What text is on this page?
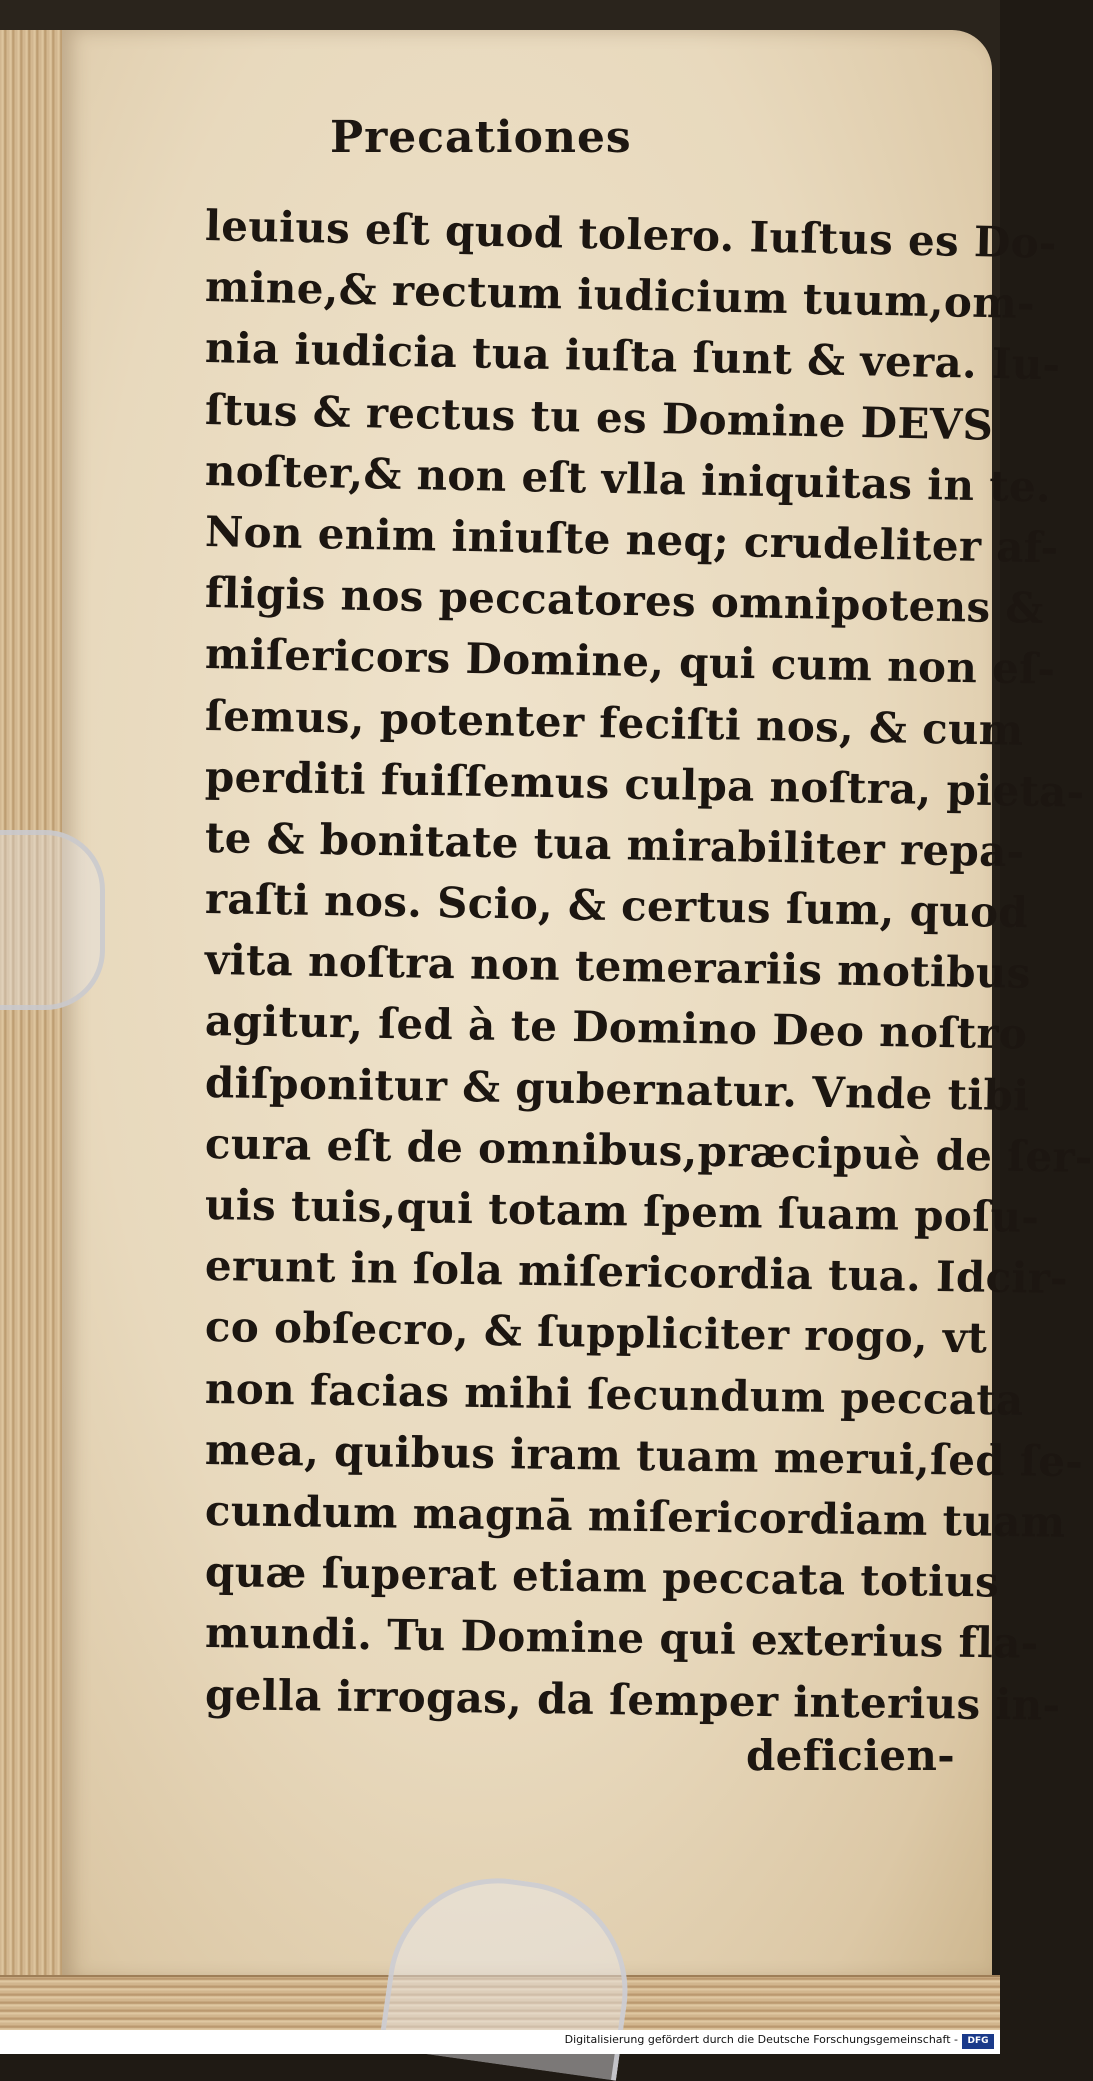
Precationes
leuius eſt quod tolero. Iuſtus es Do-
mine,& rectum iudicium tuum,om-
nia iudicia tua iuſta ſunt & vera. Iu-
ſtus & rectus tu es Domine DEVS
noſter,& non eſt vlla iniquitas in te.
Non enim iniuſte neq; crudeliter af-
fligis nos peccatores omnipotens &
miſericors Domine, qui cum non eſ-
ſemus, potenter feciſti nos, & cum
perditi fuiſſemus culpa noſtra, pieta-
te & bonitate tua mirabiliter repa-
raſti nos. Scio, & certus ſum, quod
vita noſtra non temerariis motibus
agitur, ſed à te Domino Deo noſtro
diſponitur & gubernatur. Vnde tibi
cura eſt de omnibus,præcipuè de ſer-
uis tuis,qui totam ſpem ſuam poſu-
erunt in ſola miſericordia tua. Idcir-
co obſecro, & ſuppliciter rogo, vt
non facias mihi ſecundum peccata
mea, quibus iram tuam merui,ſed ſe-
cundum magnā miſericordiam tuam
quæ ſuperat etiam peccata totius
mundi. Tu Domine qui exterius fla-
gella irrogas, da ſemper interius in-
deficien-
Digitalisierung gefördert durch die Deutsche Forschungsgemeinschaft -	DFG
